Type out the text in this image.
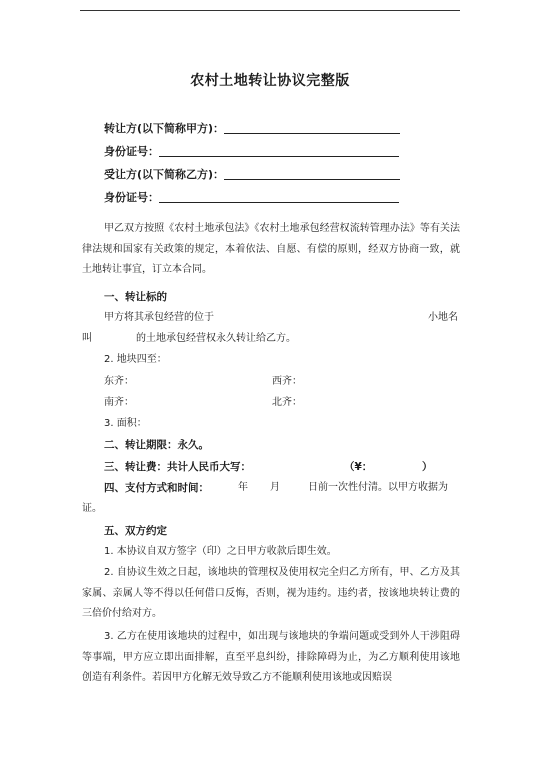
农村土地转让协议完整版
转让方(以下简称甲方)：
身份证号：
受让方(以下简称乙方)：
身份证号：
甲乙双方按照《农村土地承包法》《农村土地承包经营权流转管理办法》等有关法律法规和国家有关政策的规定，本着依法、自愿、有偿的原则，经双方协商一致，就土地转让事宜，订立本合同。
一、转让标的
甲方将其承包经营的位于	小地名
叫	的土地承包经营权永久转让给乙方。
2. 地块四至：
东齐：	西齐：
南齐：	北齐：
3. 面积：
二、转让期限：永久。
三、转让费：共计人民币大写：	（¥：	）
四、支付方式和时间：	年 月	日前一次性付清。以甲方收据为
证。
五、双方约定
1. 本协议自双方签字（印）之日甲方收款后即生效。
2. 自协议生效之日起，该地块的管理权及使用权完全归乙方所有，甲、乙方及其家属、亲属人等不得以任何借口反悔，否则，视为违约。违约者，按该地块转让费的三倍价付给对方。
3. 乙方在使用该地块的过程中，如出现与该地块的争端问题或受到外人干涉阻碍等事端，甲方应立即出面排解，直至平息纠纷，排除障碍为止，为乙方顺利使用该地创造有利条件。若因甲方化解无效导致乙方不能顺利使用该地或因赔误
